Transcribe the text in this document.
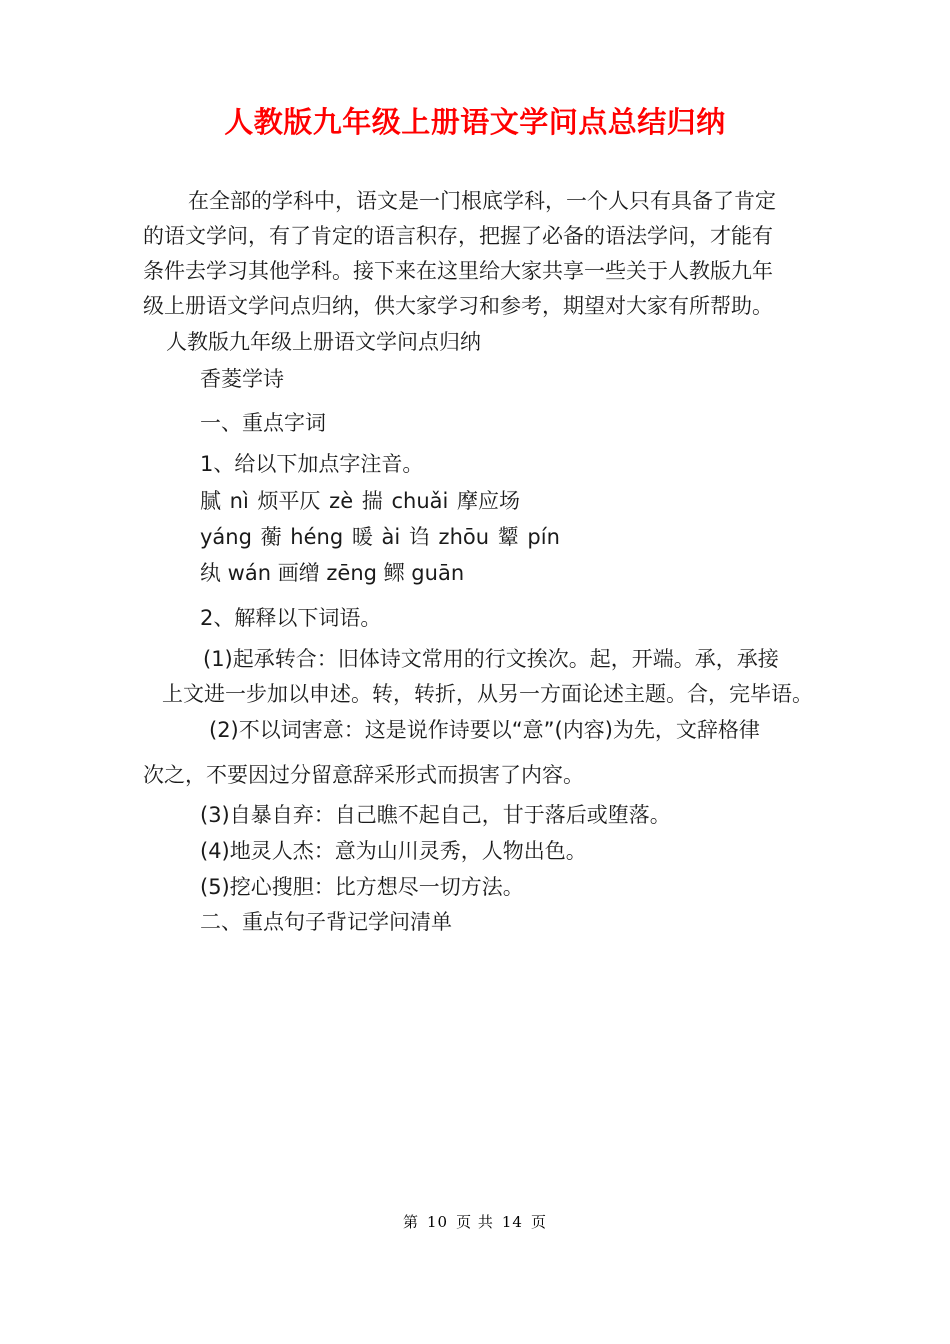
人教版九年级上册语文学问点总结归纳
在全部的学科中，语文是一门根底学科，一个人只有具备了肯定
的语文学问，有了肯定的语言积存，把握了必备的语法学问，才能有
条件去学习其他学科。接下来在这里给大家共享一些关于人教版九年
级上册语文学问点归纳，供大家学习和参考，期望对大家有所帮助。
人教版九年级上册语文学问点归纳
香菱学诗
一、重点字词
1、给以下加点字注音。
腻 nì 烦平仄 zè 揣 chuǎi 摩应场
yáng 蘅 héng 暖 ài 诌 zhōu 颦 pín
纨 wán 画缯 zēng 鳏 guān
2、解释以下词语。
(1)起承转合：旧体诗文常用的行文挨次。起，开端。承，承接
上文进一步加以申述。转，转折，从另一方面论述主题。合，完毕语。
(2)不以词害意：这是说作诗要以“意”(内容)为先，文辞格律
次之，不要因过分留意辞采形式而损害了内容。
(3)自暴自弃：自己瞧不起自己，甘于落后或堕落。
(4)地灵人杰：意为山川灵秀，人物出色。
(5)挖心搜胆：比方想尽一切方法。
二、重点句子背记学问清单
第 10 页 共 14 页
